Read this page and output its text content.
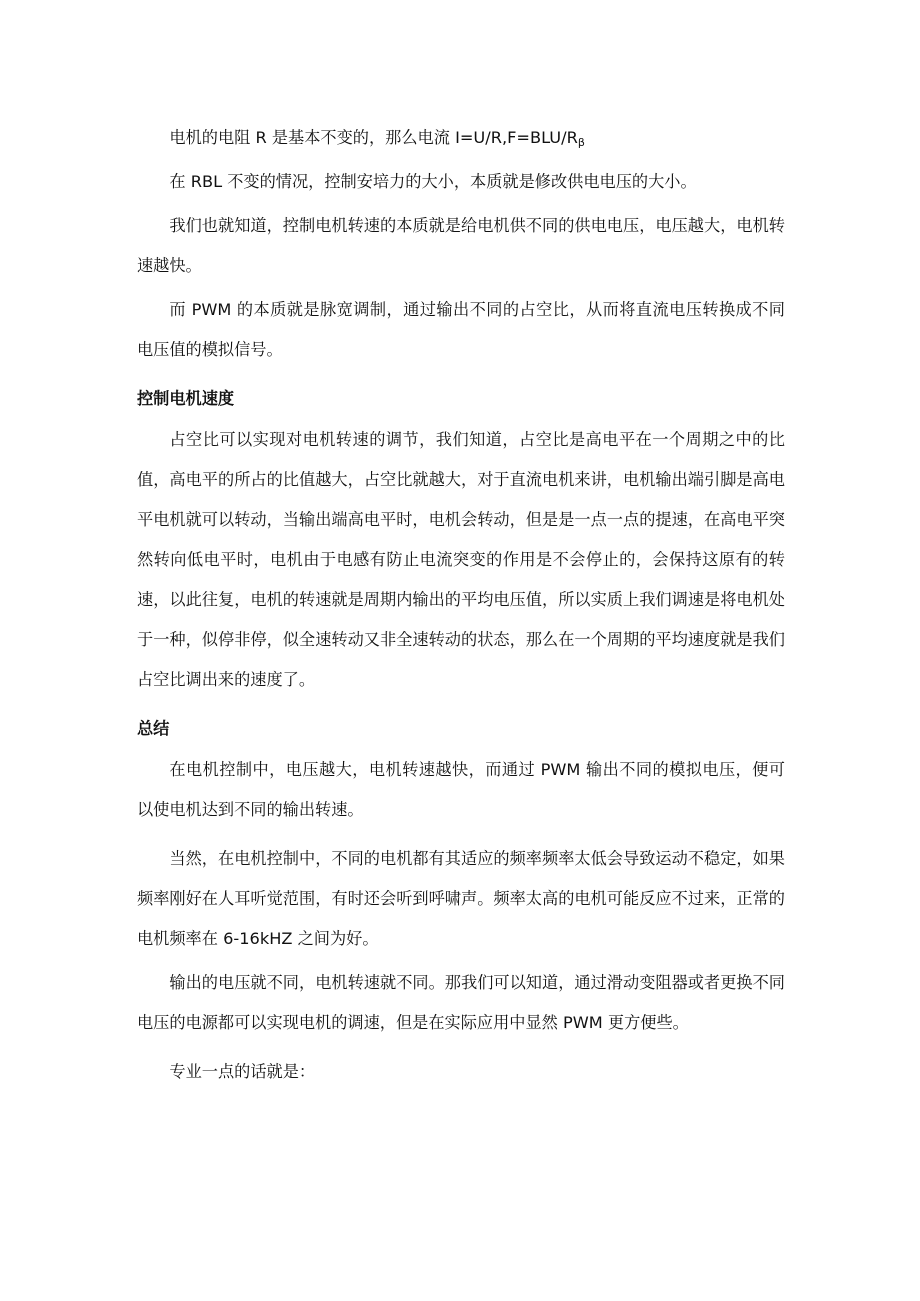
电机的电阻 R 是基本不变的，那么电流 $I=U/R,F=BLU/R_\beta$

在 RBL 不变的情况，控制安培力的大小，本质就是修改供电电压的大小。

我们也就知道，控制电机转速的本质就是给电机供不同的供电电压，电压越大，电机转速越快。

而 PWM 的本质就是脉宽调制，通过输出不同的占空比，从而将直流电压转换成不同电压值的模拟信号。

控制电机速度

占空比可以实现对电机转速的调节，我们知道，占空比是高电平在一个周期之中的比值，高电平的所占的比值越大，占空比就越大，对于直流电机来讲，电机输出端引脚是高电平电机就可以转动，当输出端高电平时，电机会转动，但是是一点一点的提速，在高电平突然转向低电平时，电机由于电感有防止电流突变的作用是不会停止的，会保持这原有的转速，以此往复，电机的转速就是周期内输出的平均电压值，所以实质上我们调速是将电机处于一种，似停非停，似全速转动又非全速转动的状态，那么在一个周期的平均速度就是我们占空比调出来的速度了。

总结

在电机控制中，电压越大，电机转速越快，而通过 PWM 输出不同的模拟电压，便可以使电机达到不同的输出转速。

当然，在电机控制中，不同的电机都有其适应的频率频率太低会导致运动不稳定，如果频率刚好在人耳听觉范围，有时还会听到呼啸声。频率太高的电机可能反应不过来，正常的电机频率在 6-16kHZ 之间为好。

输出的电压就不同，电机转速就不同。那我们可以知道，通过滑动变阻器或者更换不同电压的电源都可以实现电机的调速，但是在实际应用中显然 PWM 更方便些。

专业一点的话就是：
